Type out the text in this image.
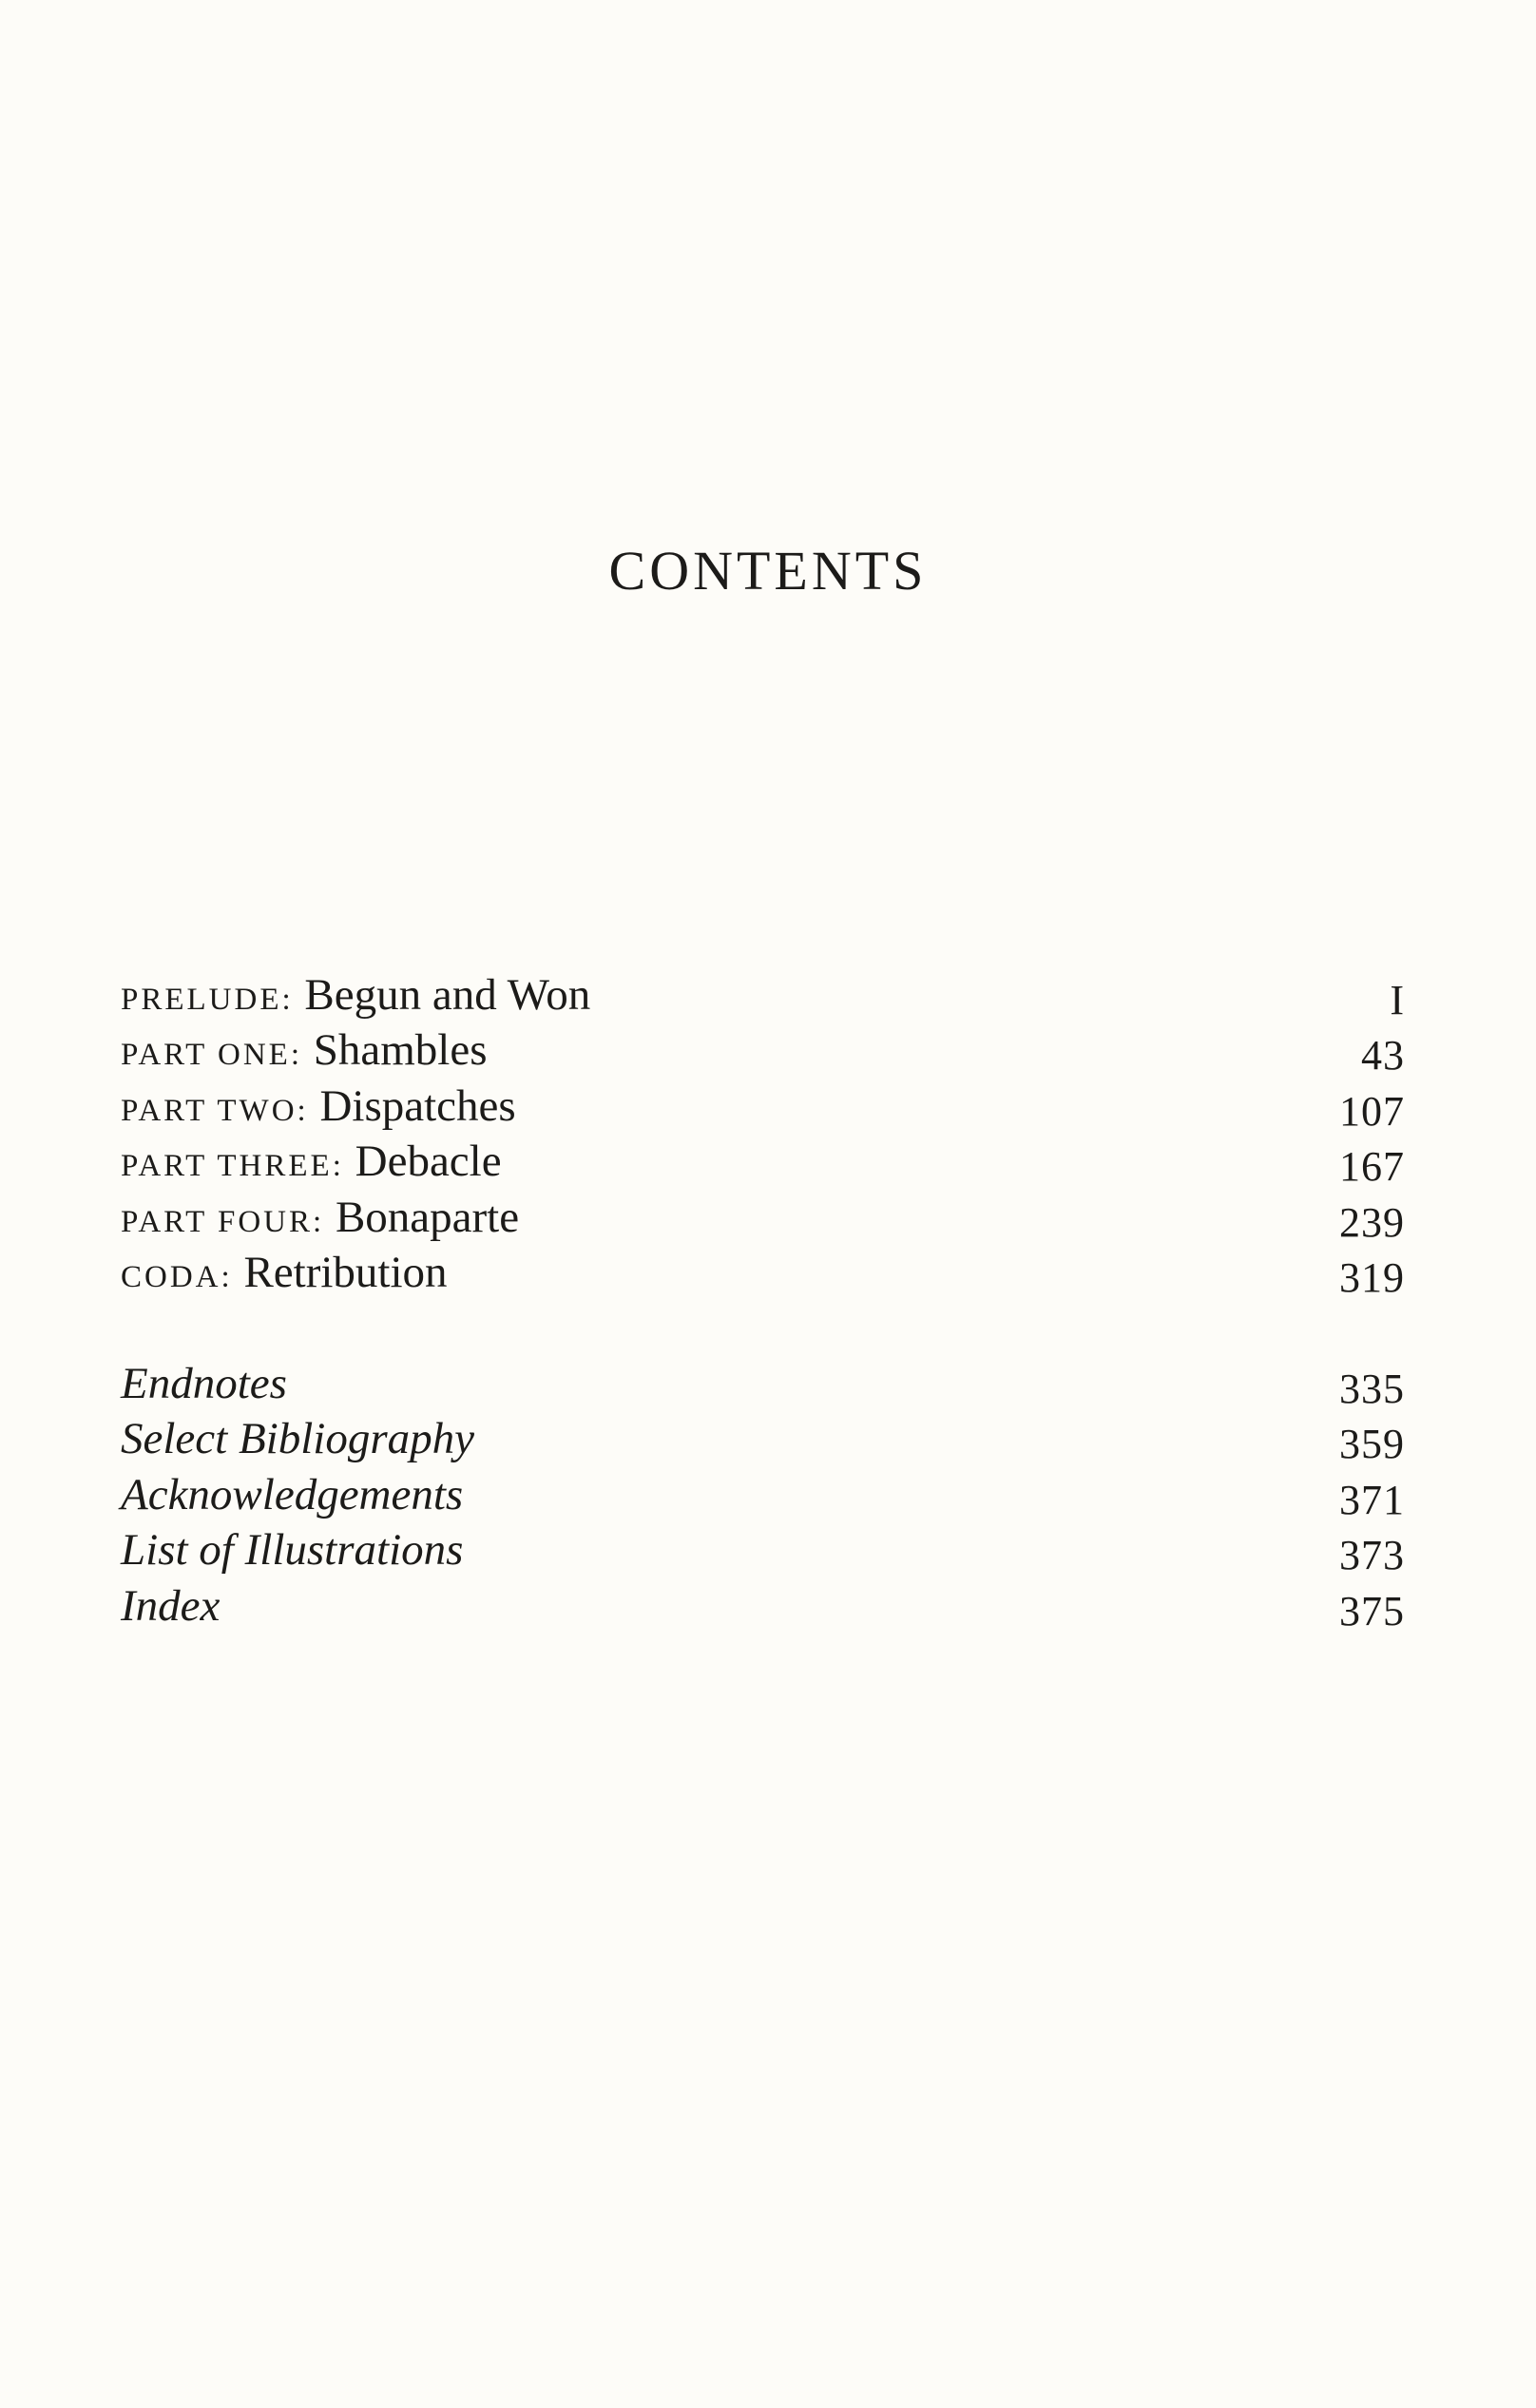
CONTENTS
PRELUDE: Begun and Won	I
PART ONE: Shambles	43
PART TWO: Dispatches	107
PART THREE: Debacle	167
PART FOUR: Bonaparte	239
CODA: Retribution	319
Endnotes	335
Select Bibliography	359
Acknowledgements	371
List of Illustrations	373
Index	375
